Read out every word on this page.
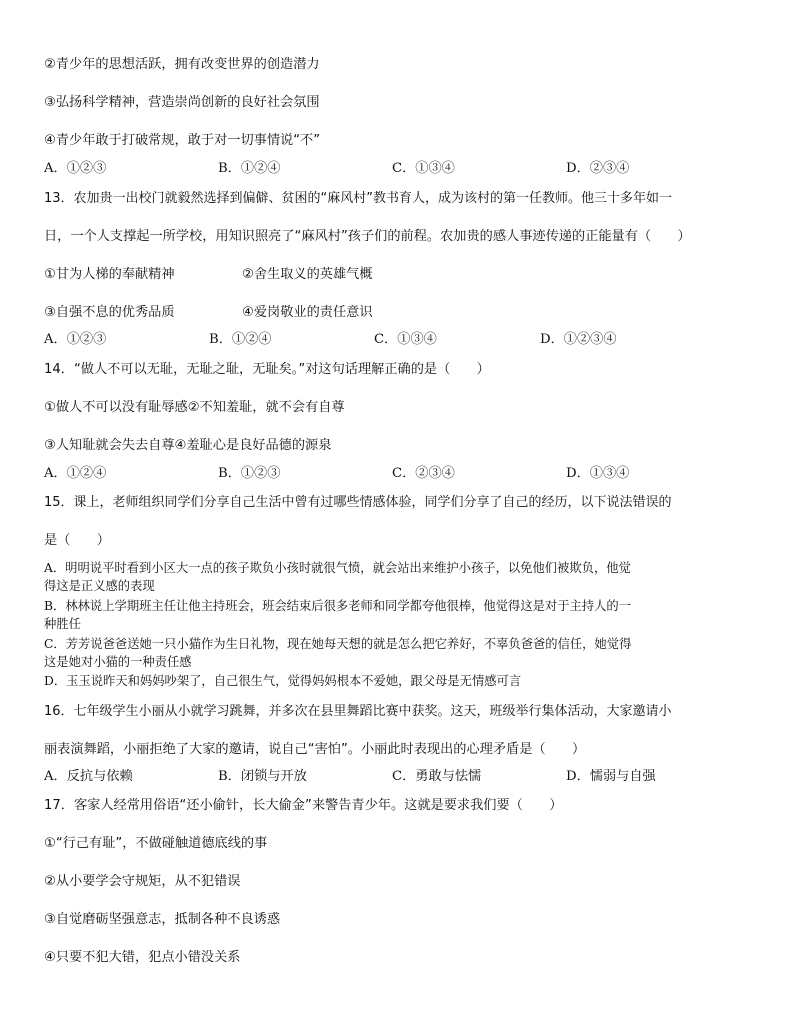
②青少年的思想活跃，拥有改变世界的创造潜力
③弘扬科学精神，营造崇尚创新的良好社会氛围
④青少年敢于打破常规，敢于对一切事情说“不”
A．①②③	B．①②④	C．①③④	D．②③④
13．农加贵一出校门就毅然选择到偏僻、贫困的“麻风村”教书育人，成为该村的第一任教师。他三十多年如一
日，一个人支撑起一所学校，用知识照亮了“麻风村”孩子们的前程。农加贵的感人事迹传递的正能量有（　　）
①甘为人梯的奉献精神	②舍生取义的英雄气概
③自强不息的优秀品质	④爱岗敬业的责任意识
A．①②③	B．①②④	C．①③④	D．①②③④
14．“做人不可以无耻，无耻之耻，无耻矣。”对这句话理解正确的是（　　）
①做人不可以没有耻辱感②不知羞耻，就不会有自尊
③人知耻就会失去自尊④羞耻心是良好品德的源泉
A．①②④	B．①②③	C．②③④	D．①③④
15．课上，老师组织同学们分享自己生活中曾有过哪些情感体验，同学们分享了自己的经历，以下说法错误的
是（　　）
A．明明说平时看到小区大一点的孩子欺负小孩时就很气愤，就会站出来维护小孩子，以免他们被欺负，他觉
得这是正义感的表现
B．林林说上学期班主任让他主持班会，班会结束后很多老师和同学都夸他很棒，他觉得这是对于主持人的一
种胜任
C．芳芳说爸爸送她一只小猫作为生日礼物，现在她每天想的就是怎么把它养好，不辜负爸爸的信任，她觉得
这是她对小猫的一种责任感
D．玉玉说昨天和妈妈吵架了，自己很生气，觉得妈妈根本不爱她，跟父母是无情感可言
16．七年级学生小丽从小就学习跳舞，并多次在县里舞蹈比赛中获奖。这天，班级举行集体活动，大家邀请小
丽表演舞蹈，小丽拒绝了大家的邀请，说自己“害怕”。小丽此时表现出的心理矛盾是（　　）
A．反抗与依赖	B．闭锁与开放	C．勇敢与怯懦	D．懦弱与自强
17．客家人经常用俗语“还小偷针，长大偷金”来警告青少年。这就是要求我们要（　　）
①“行己有耻”，不做碰触道德底线的事
②从小要学会守规矩，从不犯错误
③自觉磨砺坚强意志，抵制各种不良诱惑
④只要不犯大错，犯点小错没关系
